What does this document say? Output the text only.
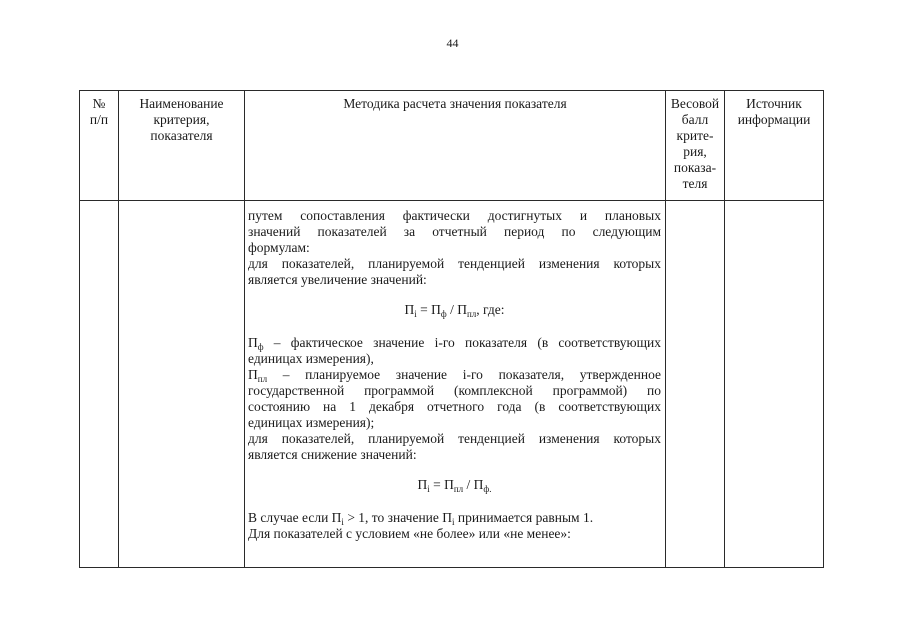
44
№
п/п
Наименование
критерия,
показателя
Методика расчета значения показателя	Весовой
балл
крите-
рия,
показа-
теля
Источник
информации
путем сопоставления фактически достигнутых и плановых
значений показателей за отчетный период по следующим
формулам:
для показателей, планируемой тенденцией изменения которых
является увеличение значений:
$П_i = П_ф / П_{пл}$, где:
$П_ф$ – фактическое значение i-го показателя (в соответствующих
единицах измерения),
$П_{пл}$ – планируемое значение i-го показателя, утвержденное
государственной программой (комплексной программой) по
состоянию на 1 декабря отчетного года (в соответствующих
единицах измерения);
для показателей, планируемой тенденцией изменения которых
является снижение значений:
$П_i = П_{пл} / П_{ф.}$
В случае если $П_i > 1$, то значение $П_i$ принимается равным 1.
Для показателей с условием «не более» или «не менее»:
